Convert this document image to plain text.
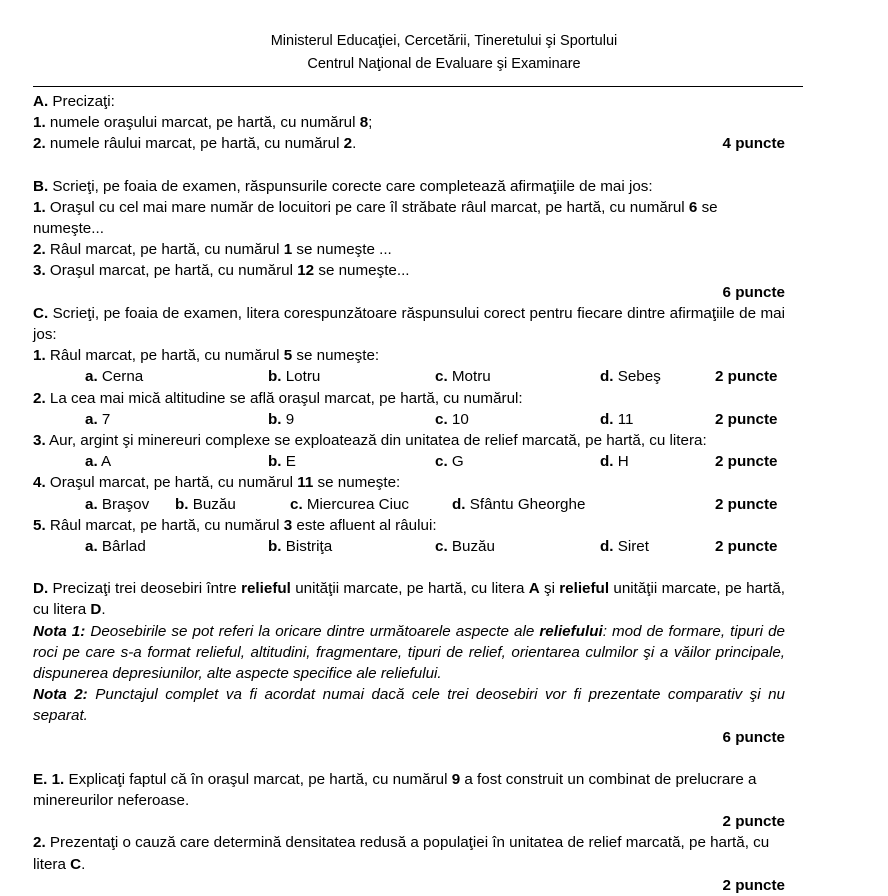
Ministerul Educaţiei, Cercetării, Tineretului şi Sportului
Centrul Naţional de Evaluare şi Examinare
A. Precizaţi:
1. numele oraşului marcat, pe hartă, cu numărul 8;
2. numele râului marcat, pe hartă, cu numărul 2.	4 puncte
B. Scrieţi, pe foaia de examen, răspunsurile corecte care completează afirmaţiile de mai jos:
1. Oraşul cu cel mai mare număr de locuitori pe care îl străbate râul marcat, pe hartă, cu numărul 6 se numeşte...
2. Râul marcat, pe hartă, cu numărul 1 se numeşte ...
3. Oraşul marcat, pe hartă, cu numărul 12 se numeşte...
6 puncte
C. Scrieţi, pe foaia de examen, litera corespunzătoare răspunsului corect pentru fiecare dintre afirmaţiile de mai jos:
1. Râul marcat, pe hartă, cu numărul 5 se numeşte:
a. Cerna	b. Lotru	c. Motru	d. Sebeş	2 puncte
2. La cea mai mică altitudine se află oraşul marcat, pe hartă, cu numărul:
a. 7	b. 9	c. 10	d. 11	2 puncte
3. Aur, argint şi minereuri complexe se exploatează din unitatea de relief marcată, pe hartă, cu litera:
a. A	b. E	c. G	d. H	2 puncte
4. Oraşul marcat, pe hartă, cu numărul 11 se numeşte:
a. Braşov b. Buzău	c. Miercurea Ciuc	d. Sfântu Gheorghe	2 puncte
5. Râul marcat, pe hartă, cu numărul 3 este afluent al râului:
a. Bârlad	b. Bistriţa	c. Buzău	d. Siret	2 puncte
D. Precizaţi trei deosebiri între relieful unităţii marcate, pe hartă, cu litera A şi relieful unităţii marcate, pe hartă, cu litera D.
Nota 1: Deosebirile se pot referi la oricare dintre următoarele aspecte ale reliefului: mod de formare, tipuri de roci pe care s-a format relieful, altitudini, fragmentare, tipuri de relief, orientarea culmilor şi a văilor principale, dispunerea depresiunilor, alte aspecte specifice ale reliefului.
Nota 2: Punctajul complet va fi acordat numai dacă cele trei deosebiri vor fi prezentate comparativ şi nu separat.
6 puncte
E. 1. Explicaţi faptul că în oraşul marcat, pe hartă, cu numărul 9 a fost construit un combinat de prelucrare a minereurilor neferoase.
2 puncte
2. Prezentaţi o cauză care determină densitatea redusă a populaţiei în unitatea de relief marcată, pe hartă, cu litera C.
2 puncte
